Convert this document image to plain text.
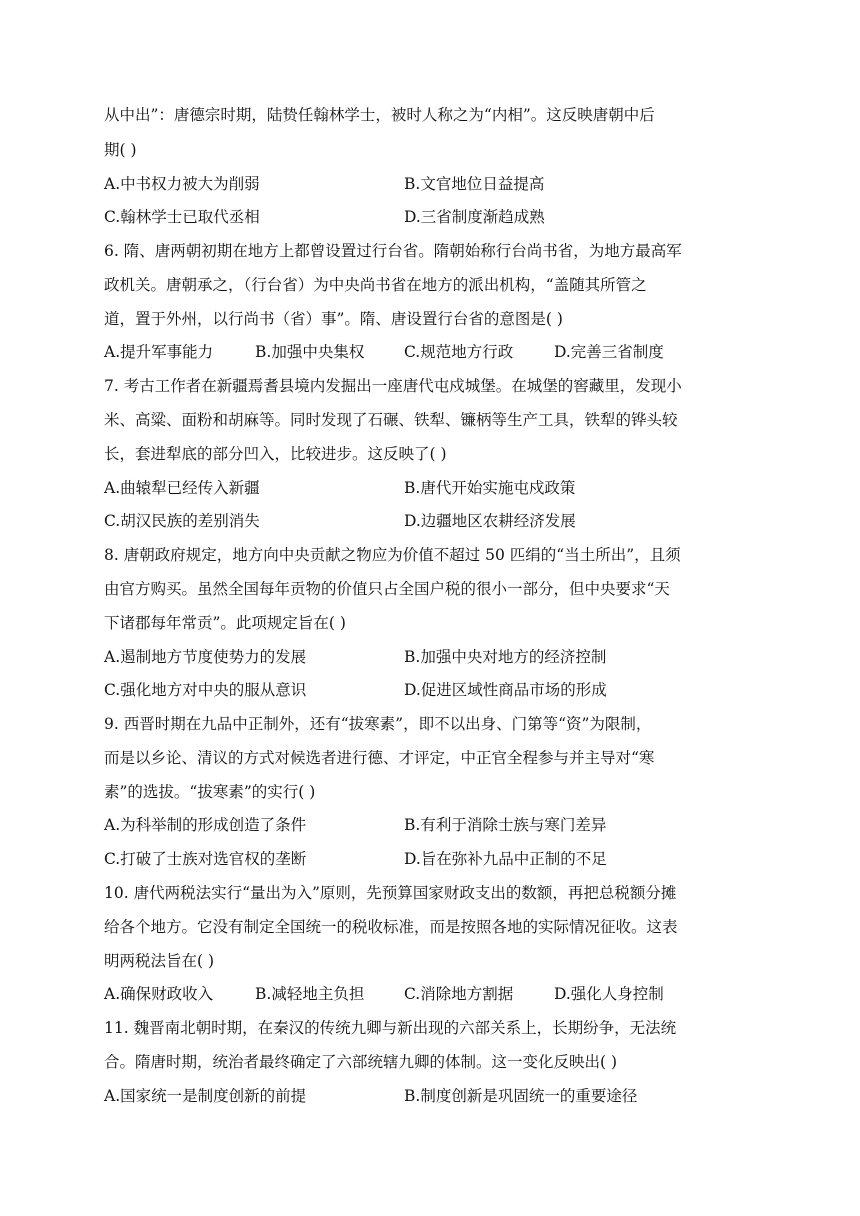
从中出”：唐德宗时期，陆贽任翰林学士，被时人称之为“内相”。这反映唐朝中后
期( )
A.中书权力被大为削弱	B.文官地位日益提高
C.翰林学士已取代丞相	D.三省制度渐趋成熟
6. 隋、唐两朝初期在地方上都曾设置过行台省。隋朝始称行台尚书省，为地方最高军
政机关。唐朝承之，（行台省）为中央尚书省在地方的派出机构，“盖随其所管之
道，置于外州，以行尚书（省）事”。隋、唐设置行台省的意图是( )
A.提升军事能力	B.加强中央集权	C.规范地方行政	D.完善三省制度
7. 考古工作者在新疆焉耆县境内发掘出一座唐代屯戍城堡。在城堡的窖藏里，发现小
米、高粱、面粉和胡麻等。同时发现了石碾、铁犁、镰柄等生产工具，铁犁的铧头较
长，套进犁底的部分凹入，比较进步。这反映了( )
A.曲辕犁已经传入新疆	B.唐代开始实施屯戍政策
C.胡汉民族的差别消失	D.边疆地区农耕经济发展
8. 唐朝政府规定，地方向中央贡献之物应为价值不超过 50 匹绢的“当土所出”，且须
由官方购买。虽然全国每年贡物的价值只占全国户税的很小一部分，但中央要求“天
下诸郡每年常贡”。此项规定旨在( )
A.遏制地方节度使势力的发展	B.加强中央对地方的经济控制
C.强化地方对中央的服从意识	D.促进区域性商品市场的形成
9. 西晋时期在九品中正制外，还有“拔寒素”，即不以出身、门第等“资”为限制，
而是以乡论、清议的方式对候选者进行德、才评定，中正官全程参与并主导对“寒
素”的选拔。“拔寒素”的实行( )
A.为科举制的形成创造了条件	B.有利于消除士族与寒门差异
C.打破了士族对选官权的垄断	D.旨在弥补九品中正制的不足
10. 唐代两税法实行“量出为入”原则，先预算国家财政支出的数额，再把总税额分摊
给各个地方。它没有制定全国统一的税收标准，而是按照各地的实际情况征收。这表
明两税法旨在( )
A.确保财政收入	B.减轻地主负担	C.消除地方割据	D.强化人身控制
11. 魏晋南北朝时期，在秦汉的传统九卿与新出现的六部关系上，长期纷争，无法统
合。隋唐时期，统治者最终确定了六部统辖九卿的体制。这一变化反映出( )
A.国家统一是制度创新的前提	B.制度创新是巩固统一的重要途径
